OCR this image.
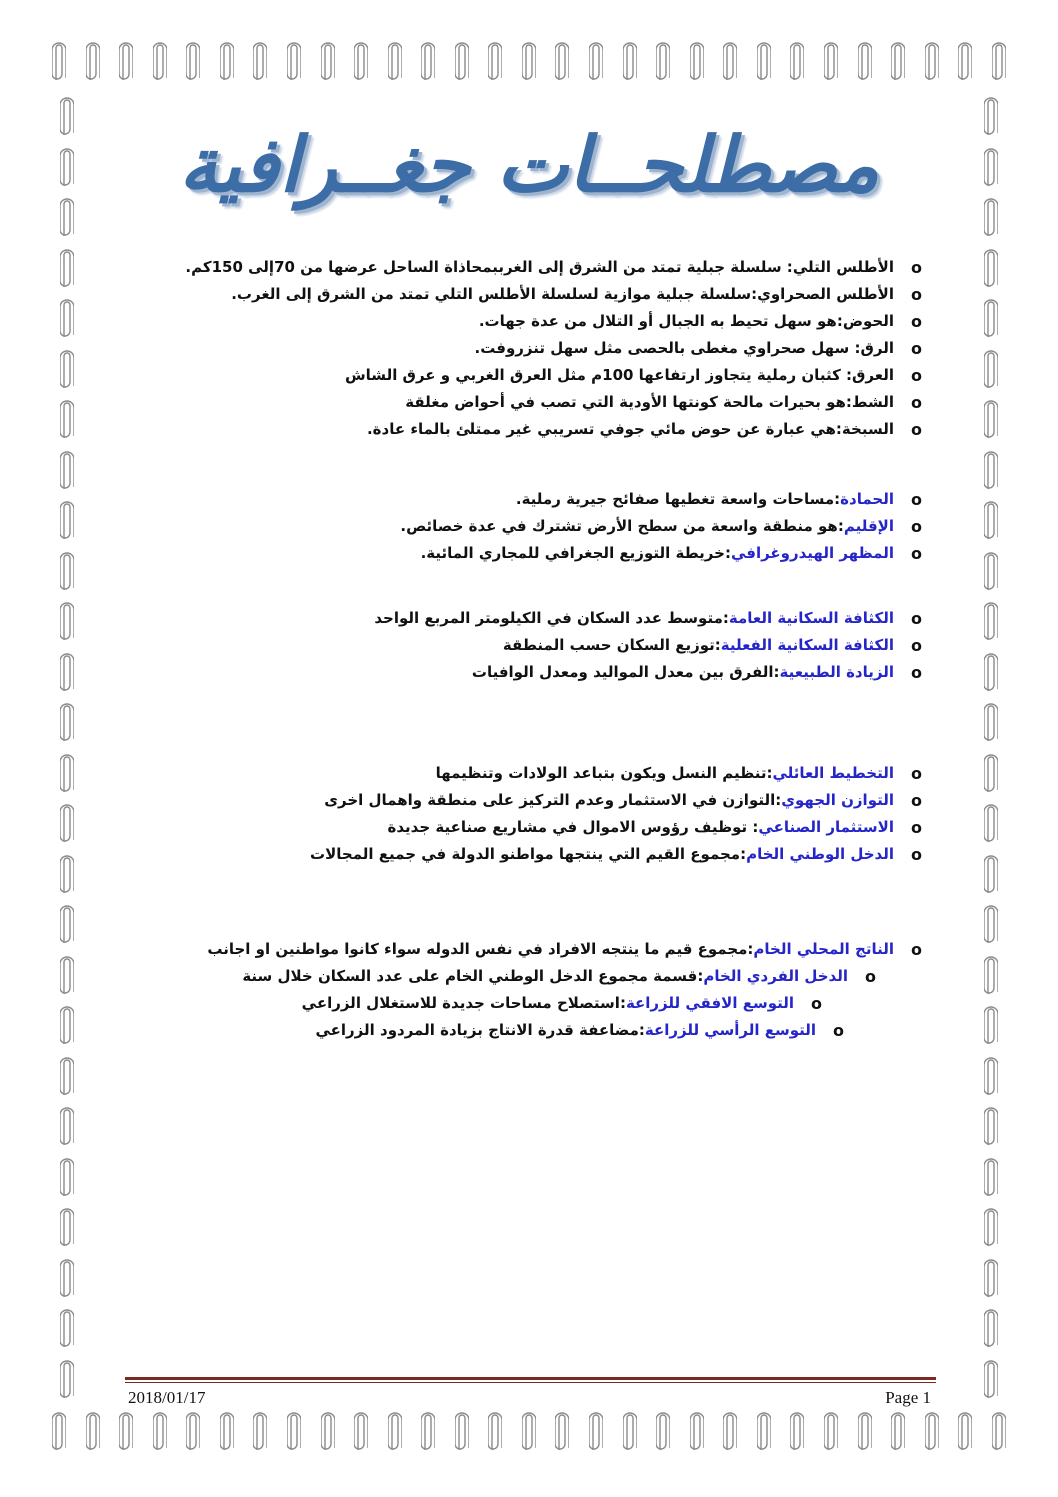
مصطلحــات جغــرافية
o
الأطلس التلي: سلسلة جبلية تمتد من الشرق إلى الغرببمحاذاة الساحل عرضها من 70إلى 150كم.
o
الأطلس الصحراوي:سلسلة جبلية موازية لسلسلة الأطلس التلي تمتد من الشرق إلى الغرب.
o
الحوض:هو سهل تحيط به الجبال أو التلال من عدة جهات.
o
الرق: سهل صحراوي مغطى بالحصى مثل سهل تنزروفت.
o
العرق: كثبان رملية يتجاوز ارتفاعها 100م مثل العرق الغربي و عرق الشاش
o
الشط:هو بحيرات مالحة كونتها الأودية التي تصب في أحواض مغلقة
o
السبخة:هي عبارة عن حوض مائي جوفي تسريبي غير ممتلئ بالماء عادة.
o
الحمادة:مساحات واسعة تغطيها صفائح جيرية رملية.
o
الإقليم:هو منطقة واسعة من سطح الأرض تشترك في عدة خصائص.
o
المظهر الهيدروغرافي:خريطة التوزيع الجغرافي للمجاري المائية.
o
الكثافة السكانية العامة:متوسط عدد السكان في الكيلومتر المربع الواحد
o
الكثافة السكانية الفعلية:توزيع السكان حسب المنطقة
o
الزيادة الطبيعية:الفرق بين معدل المواليد ومعدل الوافيات
o
التخطيط العائلي:تنظيم النسل ويكون بتباعد الولادات وتنظيمها
o
التوازن الجهوي:التوازن في الاستثمار وعدم التركيز على منطقة واهمال اخرى
o
الاستثمار الصناعي: توظيف رؤوس الاموال في مشاريع صناعية جديدة
o
الدخل الوطني الخام:مجموع القيم التي ينتجها مواطنو الدولة في جميع المجالات
o
الناتج المحلي الخام:مجموع قيم ما ينتجه الافراد في نفس الدوله سواء كانوا مواطنين او اجانب
o
الدخل الفردي الخام:قسمة مجموع الدخل الوطني الخام على عدد السكان خلال سنة
o
التوسع الافقي للزراعة:استصلاح مساحات جديدة للاستغلال الزراعي
o
التوسع الرأسي للزراعة:مضاعفة قدرة الانتاج بزيادة المردود الزراعي
2018/01/17	Page 1
